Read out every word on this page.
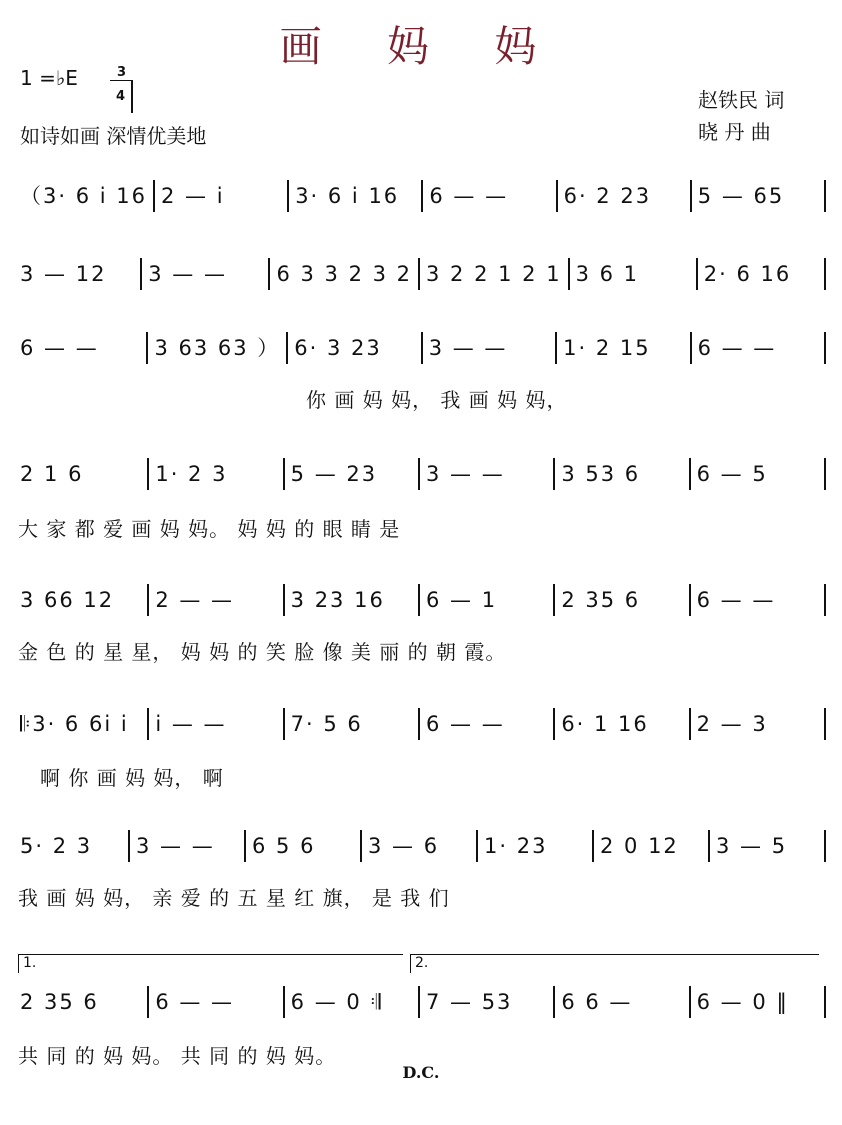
画 妈 妈
1 =♭E	3
4
如诗如画 深情优美地
赵铁民 词
晓 丹 曲
（3· 6 i 16 2 — i	3· 6 i 16	6 — —	6· 2 23	5 — 65
3 — 12	3 — —	6 3 3 2 3 2 3 2 2 1 2 1 3 6 1	2· 6 16
6 — —	3 63 63 ） 6· 3 23	3 — —	1· 2 15	6 — —
2 1 6	1· 2 3	5 — 23	3 — —	3 53 6	6 — 5
3 66 12	2 — —	3 23 16	6 — 1	2 35 6	6 — —
𝄆3· 6 6i i	i — —	7· 5 6	6 — —	6· 1 16	2 — 3
5· 2 3	3 — —	6 5 6	3 — 6	1· 23	2 0 12	3 — 5
2 35 6	6 — —	6 — 0 𝄇	7 — 53	6 6 —	6 — 0 ‖
你 画 妈 妈， 我 画 妈 妈，
大 家 都 爱 画 妈 妈。 妈 妈 的 眼 睛 是
金 色 的 星 星， 妈 妈 的 笑 脸 像 美 丽 的 朝 霞。
啊 你 画 妈 妈， 啊
我 画 妈 妈， 亲 爱 的 五 星 红 旗， 是 我 们
共 同 的 妈 妈。 共 同 的 妈 妈。
1.	2.
D.C.
